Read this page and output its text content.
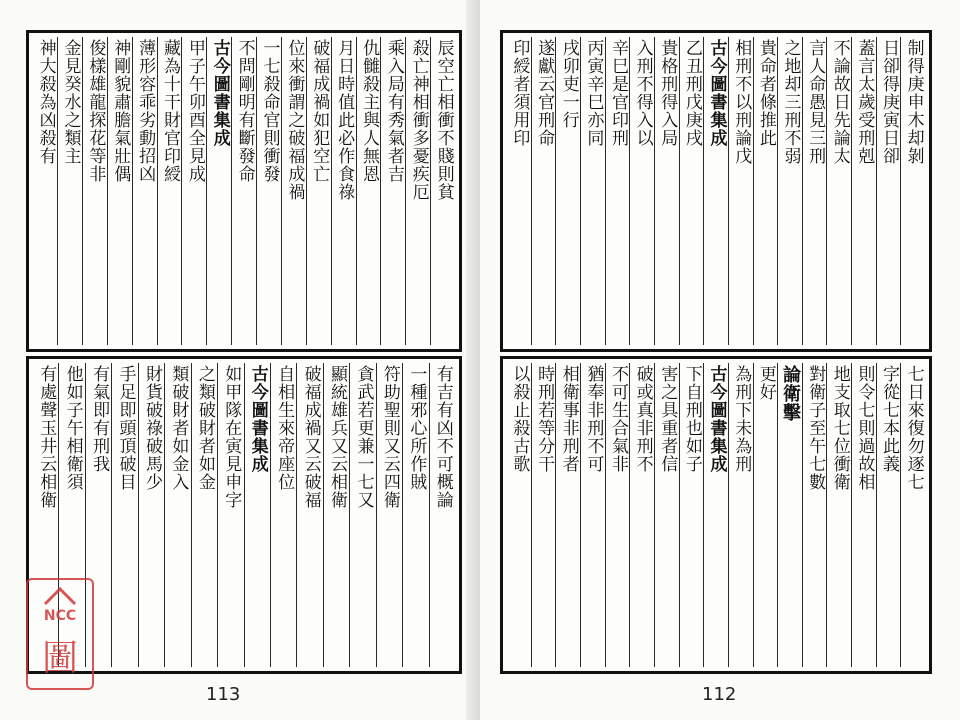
辰空亡相衝不賤則貧
殺亡神相衝多憂疾厄
乘入局有秀氣者吉
仇雠殺主與人無恩
月日時值此必作食祿
破福成禍如犯空亡
位來衝謂之破福成禍
一七殺命官則衝發
不問剛明有斷發命
古今圖書集成
甲子午卯酉全見成
藏為十干財官印綬
薄形容乖劣動招凶
神剛貌肅膽氣壯偶
俊樣雄龍探花等非
金見癸水之類主
神大殺為凶殺有
有吉有凶不可概論
一種邪心所作賊
符助聖則又云四衛
貪武若更兼一七又
顯統雄兵又云相衛
破福成禍又云破福
自相生來帝座位
古今圖書集成
如甲隊在寅見申字
之類破財者如金
類破財者如金入
財貨破祿破馬少
手足即頭頂破目
有氣即有刑我
他如子午相衛須
有處聲玉井云相衛
113
制得庚申木却剝
日卻得庚寅日卻
蓋言太歲受刑剋
不論故日先論太
言人命愚見三刑
之地却三刑不弱
貴命者條推此
相刑不以刑論戊
古今圖書集成
乙丑刑戊庚戌
貴格刑得入局
入刑不得入以
辛巳是官印刑
丙寅辛巳亦同
戌卯吏一行
遂獻云官刑命
印綬者須用印
七日來復勿逐七
字從七本此義
則令七則過故相
地支取七位衝衛
對衛子至午七數
論衛擊
更好
為刑下未為刑
古今圖書集成
下自刑也如子
害之具重者信
破或真非刑不
不可生合氣非
猶奉非刑不可
相衛事非刑者
時刑若等分干
以殺止殺古歌
112
NCC
圖
